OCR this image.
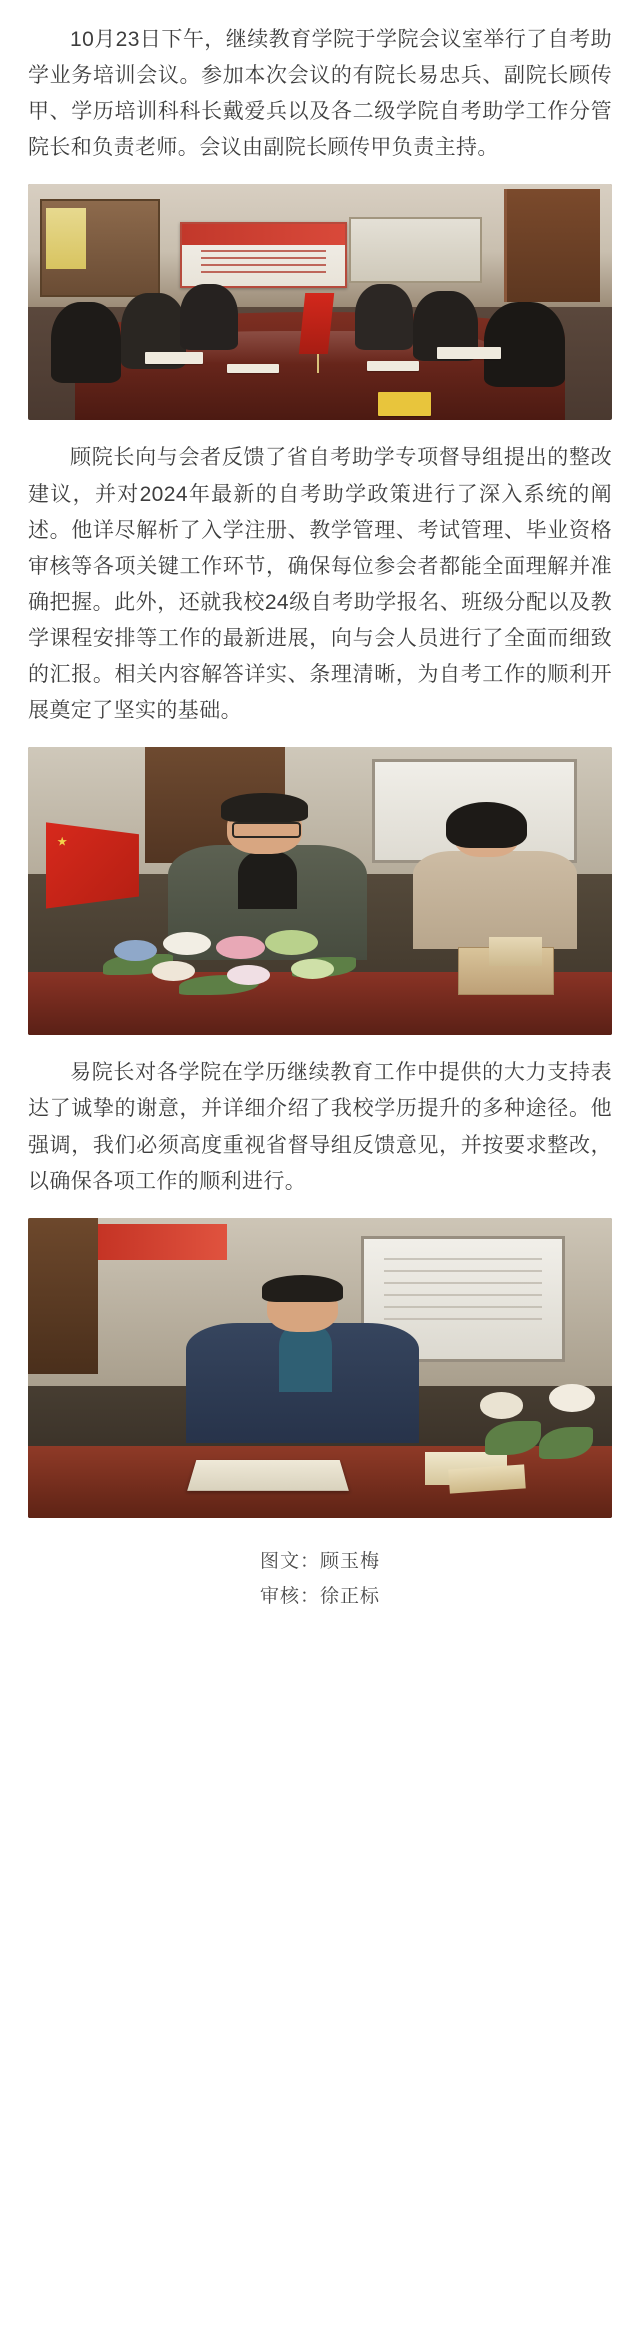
10月23日下午，继续教育学院于学院会议室举行了自考助学业务培训会议。参加本次会议的有院长易忠兵、副院长顾传甲、学历培训科科长戴爱兵以及各二级学院自考助学工作分管院长和负责老师。会议由副院长顾传甲负责主持。

顾院长向与会者反馈了省自考助学专项督导组提出的整改建议，并对2024年最新的自考助学政策进行了深入系统的阐述。他详尽解析了入学注册、教学管理、考试管理、毕业资格审核等各项关键工作环节，确保每位参会者都能全面理解并准确把握。此外，还就我校24级自考助学报名、班级分配以及教学课程安排等工作的最新进展，向与会人员进行了全面而细致的汇报。相关内容解答详实、条理清晰，为自考工作的顺利开展奠定了坚实的基础。

易院长对各学院在学历继续教育工作中提供的大力支持表达了诚挚的谢意，并详细介绍了我校学历提升的多种途径。他强调，我们必须高度重视省督导组反馈意见，并按要求整改，以确保各项工作的顺利进行。

图文：顾玉梅
审核：徐正标
